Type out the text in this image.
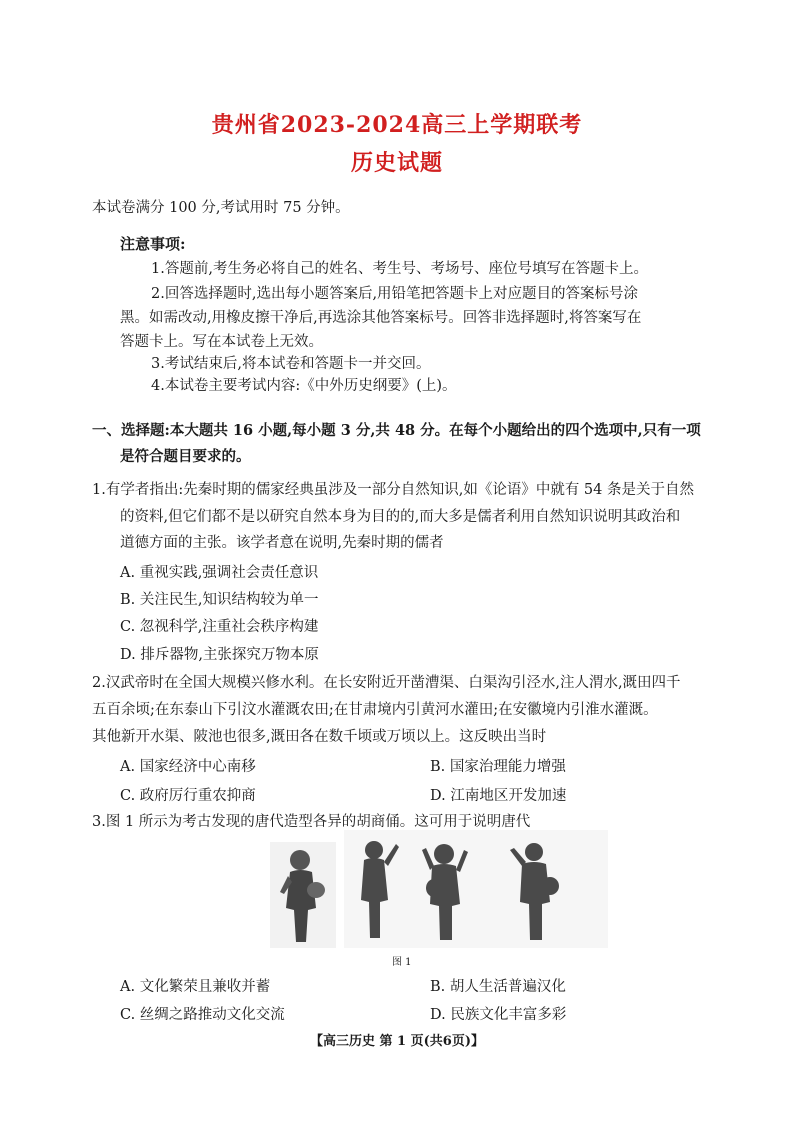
贵州省2023-2024高三上学期联考
历史试题
本试卷满分 100 分,考试用时 75 分钟。
注意事项:
1.答题前,考生务必将自己的姓名、考生号、考场号、座位号填写在答题卡上。
2.回答选择题时,选出每小题答案后,用铅笔把答题卡上对应题目的答案标号涂
黑。如需改动,用橡皮擦干净后,再选涂其他答案标号。回答非选择题时,将答案写在
答题卡上。写在本试卷上无效。
3.考试结束后,将本试卷和答题卡一并交回。
4.本试卷主要考试内容:《中外历史纲要》(上)。
一、选择题:本大题共 16 小题,每小题 3 分,共 48 分。在每个小题给出的四个选项中,只有一项
是符合题目要求的。
1.有学者指出:先秦时期的儒家经典虽涉及一部分自然知识,如《论语》中就有 54 条是关于自然
的资料,但它们都不是以研究自然本身为目的的,而大多是儒者利用自然知识说明其政治和
道德方面的主张。该学者意在说明,先秦时期的儒者
A. 重视实践,强调社会责任意识
B. 关注民生,知识结构较为单一
C. 忽视科学,注重社会秩序构建
D. 排斥器物,主张探究万物本原
2.汉武帝时在全国大规模兴修水利。在长安附近开凿漕渠、白渠沟引泾水,注人渭水,溉田四千
五百余顷;在东泰山下引汶水灌溉农田;在甘肃境内引黄河水灌田;在安徽境内引淮水灌溉。
其他新开水渠、陂池也很多,溉田各在数千顷或万顷以上。这反映出当时
A. 国家经济中心南移	B. 国家治理能力增强
C. 政府厉行重农抑商	D. 江南地区开发加速
3.图 1 所示为考古发现的唐代造型各异的胡商俑。这可用于说明唐代
图 1
A. 文化繁荣且兼收并蓄	B. 胡人生活普遍汉化
C. 丝绸之路推动文化交流	D. 民族文化丰富多彩
【高三历史 第 1 页(共6页)】
